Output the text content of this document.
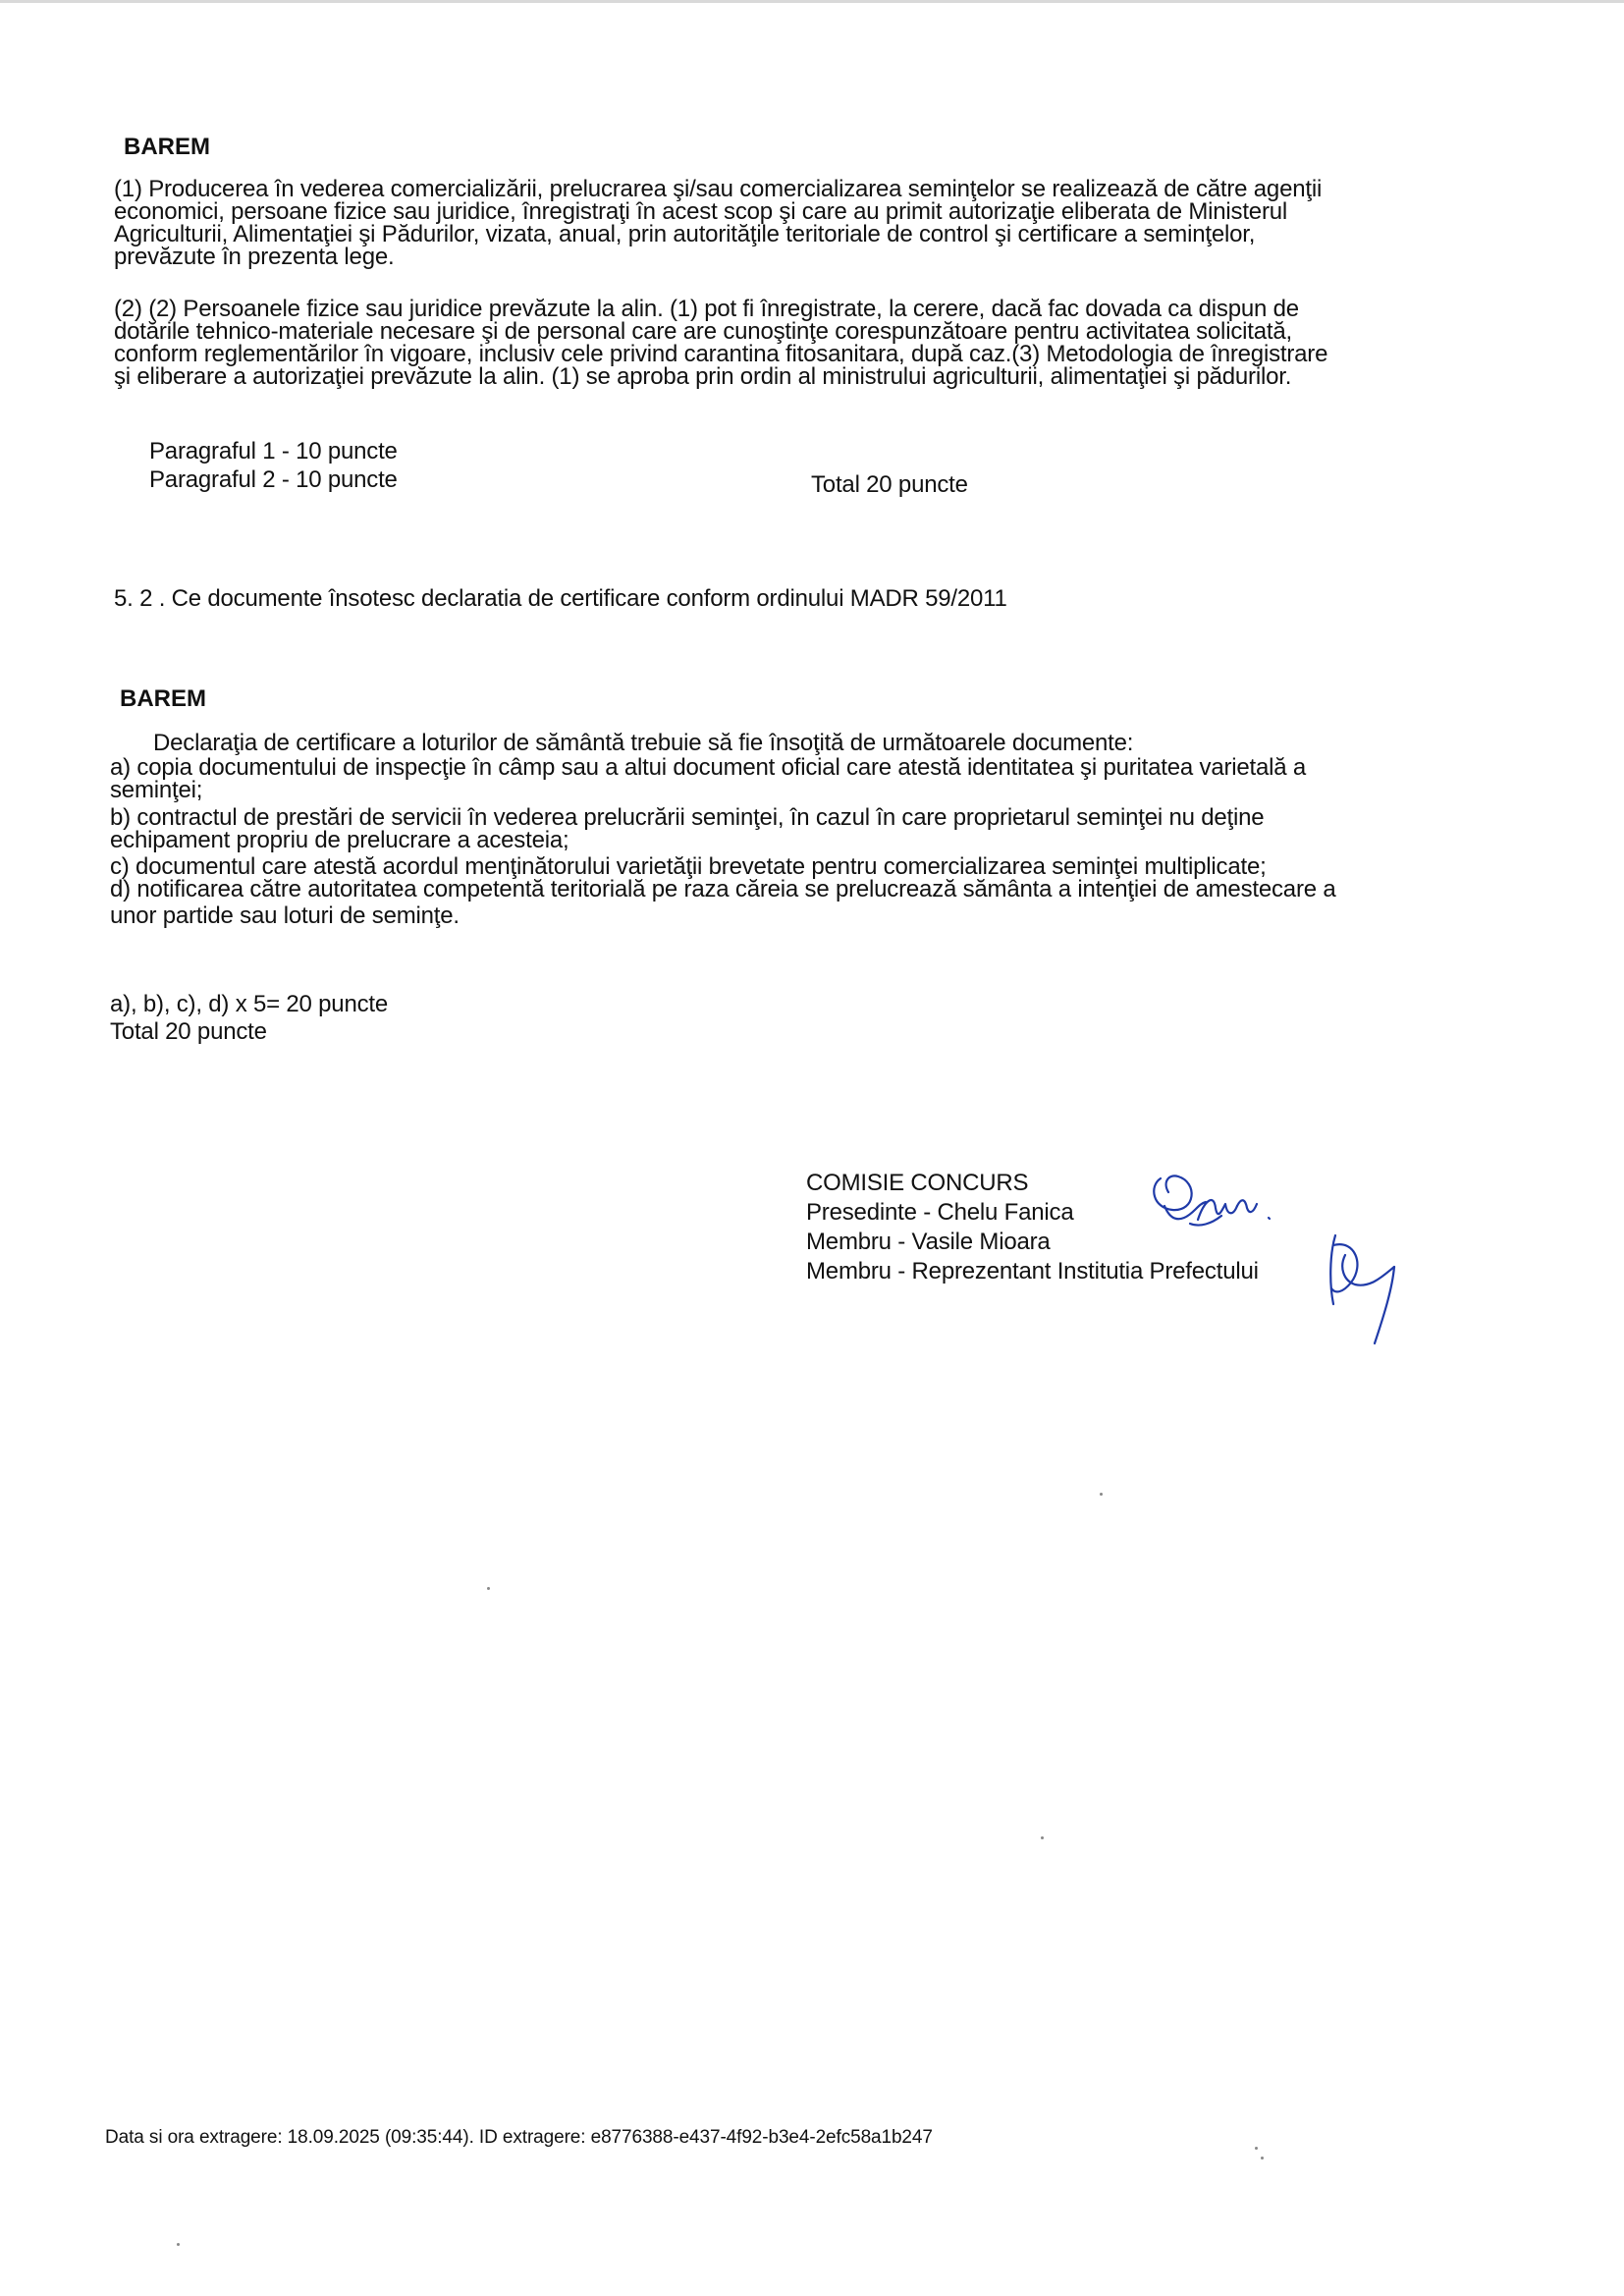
BAREM
(1) Producerea în vederea comercializării, prelucrarea şi/sau comercializarea seminţelor se realizează de către agenţii
economici, persoane fizice sau juridice, înregistraţi în acest scop şi care au primit autorizaţie eliberata de Ministerul
Agriculturii, Alimentaţiei şi Pădurilor, vizata, anual, prin autorităţile teritoriale de control şi certificare a seminţelor,
prevăzute în prezenta lege.
(2) (2) Persoanele fizice sau juridice prevăzute la alin. (1) pot fi înregistrate, la cerere, dacă fac dovada ca dispun de
dotările tehnico-materiale necesare şi de personal care are cunoştinţe corespunzătoare pentru activitatea solicitată,
conform reglementărilor în vigoare, inclusiv cele privind carantina fitosanitara, după caz.(3) Metodologia de înregistrare
şi eliberare a autorizaţiei prevăzute la alin. (1) se aproba prin ordin al ministrului agriculturii, alimentaţiei şi pădurilor.
Paragraful 1 - 10 puncte
Paragraful 2 - 10 puncte	Total 20 puncte
5. 2 . Ce documente însotesc declaratia de certificare conform ordinului MADR 59/2011
BAREM
Declaraţia de certificare a loturilor de sământă trebuie să fie însoţită de următoarele documente:
a) copia documentului de inspecţie în câmp sau a altui document oficial care atestă identitatea şi puritatea varietală a
seminţei;
b) contractul de prestări de servicii în vederea prelucrării seminţei, în cazul în care proprietarul seminţei nu deţine
echipament propriu de prelucrare a acesteia;
c) documentul care atestă acordul menţinătorului varietăţii brevetate pentru comercializarea seminţei multiplicate;
d) notificarea către autoritatea competentă teritorială pe raza căreia se prelucrează sământa a intenţiei de amestecare a
unor partide sau loturi de seminţe.
a), b), c), d) x 5= 20 puncte
Total 20 puncte
COMISIE CONCURS
Presedinte - Chelu Fanica
Membru - Vasile Mioara
Membru - Reprezentant Institutia Prefectului
Data si ora extragere: 18.09.2025 (09:35:44). ID extragere: e8776388-e437-4f92-b3e4-2efc58a1b247
